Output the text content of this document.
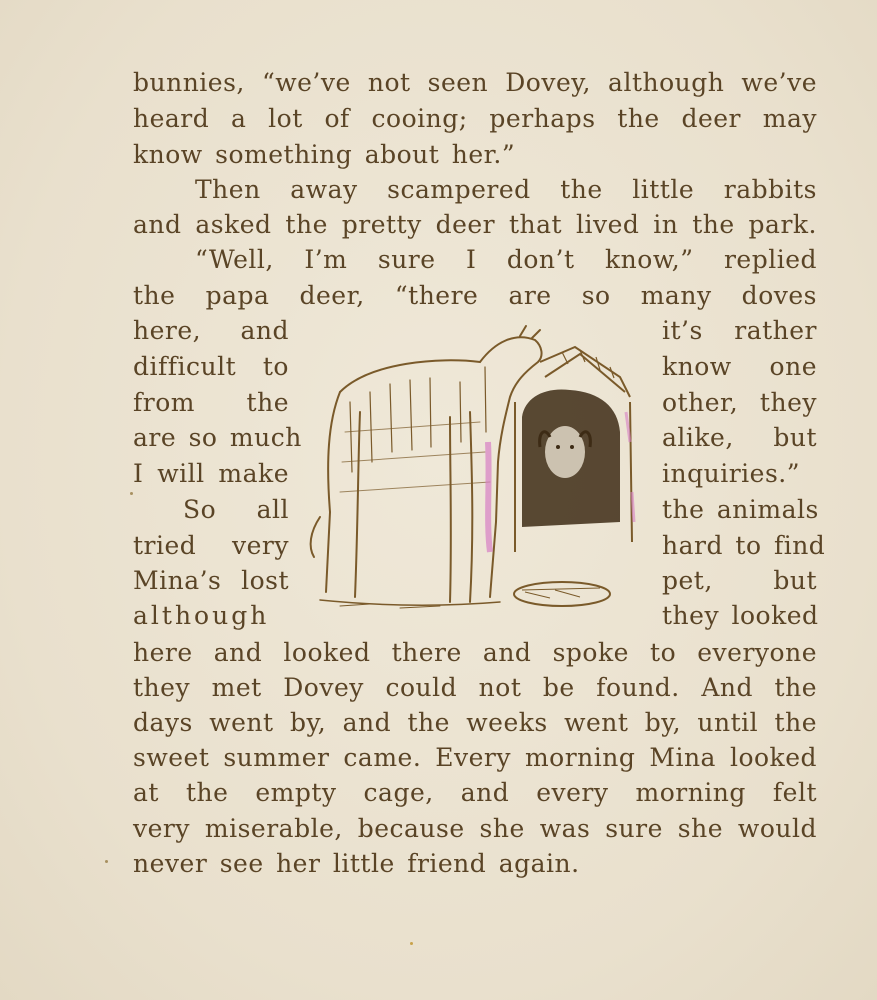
bunnies, “we’ve not seen Dovey, although we’ve
heard a lot of cooing; perhaps the deer may
know something about her.”
Then away scampered the little rabbits
and asked the pretty deer that lived in the park.
“Well, I’m sure I don’t know,” replied
the papa deer, “there are so many doves
here, and
difficult to
from the
are so much
I will make
So all
tried very
Mina’s lost
although
it’s rather
know one
other, they
alike, but
inquiries.”
the animals
hard to find
pet, but
they looked
here and looked there and spoke to everyone
they met Dovey could not be found. And the
days went by, and the weeks went by, until the
sweet summer came. Every morning Mina looked
at the empty cage, and every morning felt
very miserable, because she was sure she would
never see her little friend again.
